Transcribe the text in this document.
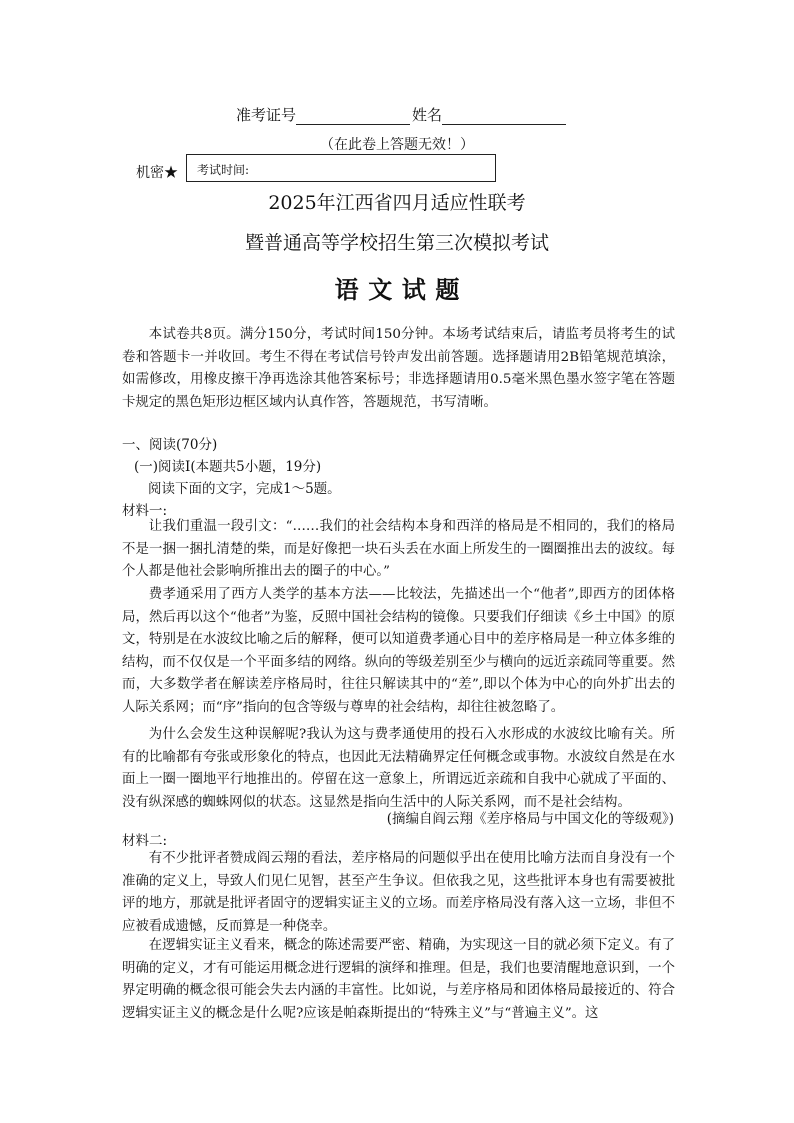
准考证号	姓名
（在此卷上答题无效！）
机密★	考试时间:
2025年江西省四月适应性联考
暨普通高等学校招生第三次模拟考试
语文试题
本试卷共8页。满分150分，考试时间150分钟。本场考试结束后，请监考员将考生的试卷和答题卡一并收回。考生不得在考试信号铃声发出前答题。选择题请用2B铅笔规范填涂，如需修改，用橡皮擦干净再选涂其他答案标号；非选择题请用0.5毫米黑色墨水签字笔在答题卡规定的黑色矩形边框区域内认真作答，答题规范，书写清晰。
一、阅读(70分)
(一)阅读Ⅰ(本题共5小题，19分)
阅读下面的文字，完成1～5题。
材料一:
让我们重温一段引文：“……我们的社会结构本身和西洋的格局是不相同的，我们的格局不是一捆一捆扎清楚的柴，而是好像把一块石头丢在水面上所发生的一圈圈推出去的波纹。每个人都是他社会影响所推出去的圈子的中心。”
费孝通采用了西方人类学的基本方法——比较法，先描述出一个“他者”,即西方的团体格局，然后再以这个“他者”为鉴，反照中国社会结构的镜像。只要我们仔细读《乡土中国》的原文，特别是在水波纹比喻之后的解释，便可以知道费孝通心目中的差序格局是一种立体多维的结构，而不仅仅是一个平面多结的网络。纵向的等级差别至少与横向的远近亲疏同等重要。然而，大多数学者在解读差序格局时，往往只解读其中的“差”,即以个体为中心的向外扩出去的人际关系网；而“序”指向的包含等级与尊卑的社会结构，却往往被忽略了。
为什么会发生这种误解呢?我认为这与费孝通使用的投石入水形成的水波纹比喻有关。所有的比喻都有夸张或形象化的特点，也因此无法精确界定任何概念或事物。水波纹自然是在水面上一圈一圈地平行地推出的。停留在这一意象上，所谓远近亲疏和自我中心就成了平面的、没有纵深感的蜘蛛网似的状态。这显然是指向生活中的人际关系网，而不是社会结构。
(摘编自阎云翔《差序格局与中国文化的等级观》)
材料二:
有不少批评者赞成阎云翔的看法，差序格局的问题似乎出在使用比喻方法而自身没有一个准确的定义上，导致人们见仁见智，甚至产生争议。但依我之见，这些批评本身也有需要被批评的地方，那就是批评者固守的逻辑实证主义的立场。而差序格局没有落入这一立场，非但不应被看成遗憾，反而算是一种侥幸。
在逻辑实证主义看来，概念的陈述需要严密、精确，为实现这一目的就必须下定义。有了明确的定义，才有可能运用概念进行逻辑的演绎和推理。但是，我们也要清醒地意识到，一个界定明确的概念很可能会失去内涵的丰富性。比如说，与差序格局和团体格局最接近的、符合逻辑实证主义的概念是什么呢?应该是帕森斯提出的“特殊主义”与“普遍主义”。这
